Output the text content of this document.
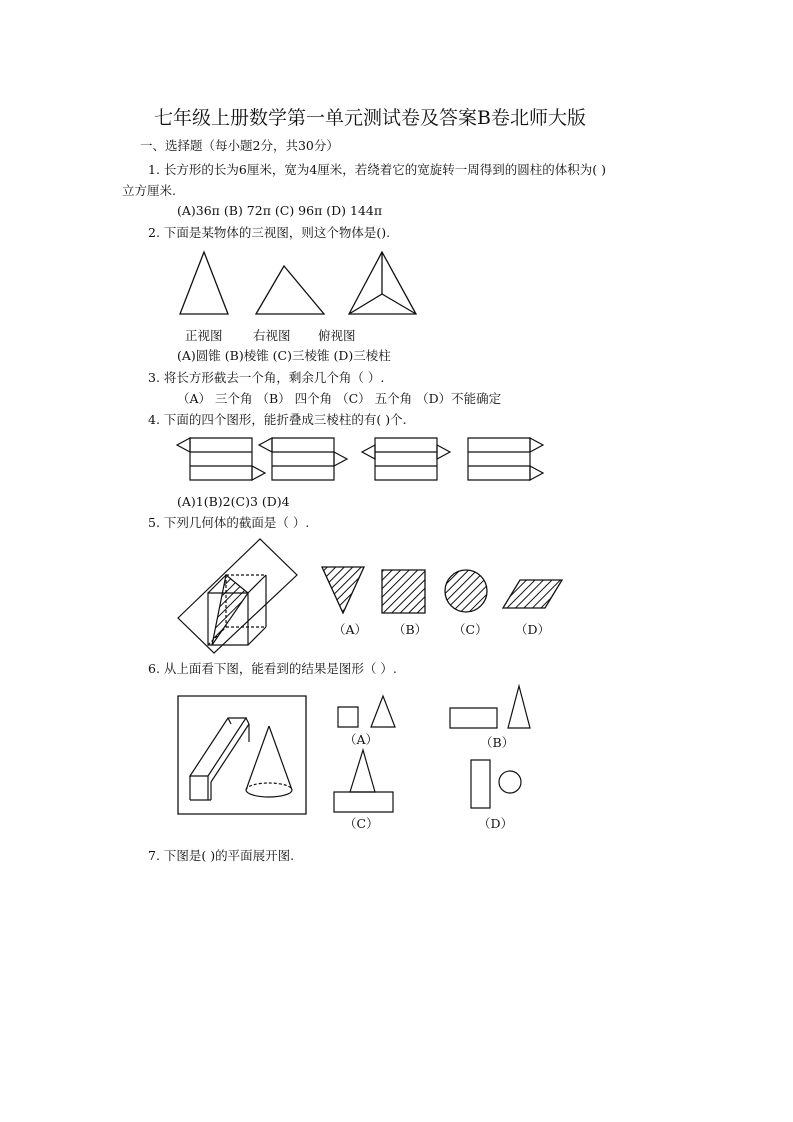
七年级上册数学第一单元测试卷及答案B卷北师大版
一、选择题（每小题2分，共30分）
1. 长方形的长为6厘米，宽为4厘米，若绕着它的宽旋转一周得到的圆柱的体积为( )
立方厘米.
(A)36π (B) 72π (C) 96π (D) 144π
2. 下面是某物体的三视图，则这个物体是().
正视图 右视图 俯视图
(A)圆锥 (B)棱锥 (C)三棱锥 (D)三棱柱
3. 将长方形截去一个角，剩余几个角（ ）.
（A） 三个角 （B） 四个角 （C） 五个角 （D）不能确定
4. 下面的四个图形，能折叠成三棱柱的有( )个.
(A)1(B)2(C)3 (D)4
5. 下列几何体的截面是（ ）.
（A） （B） （C） （D）
6. 从上面看下图，能看到的结果是图形（ ）.
（A）	（B）
（C）	（D）
7. 下图是( )的平面展开图.
